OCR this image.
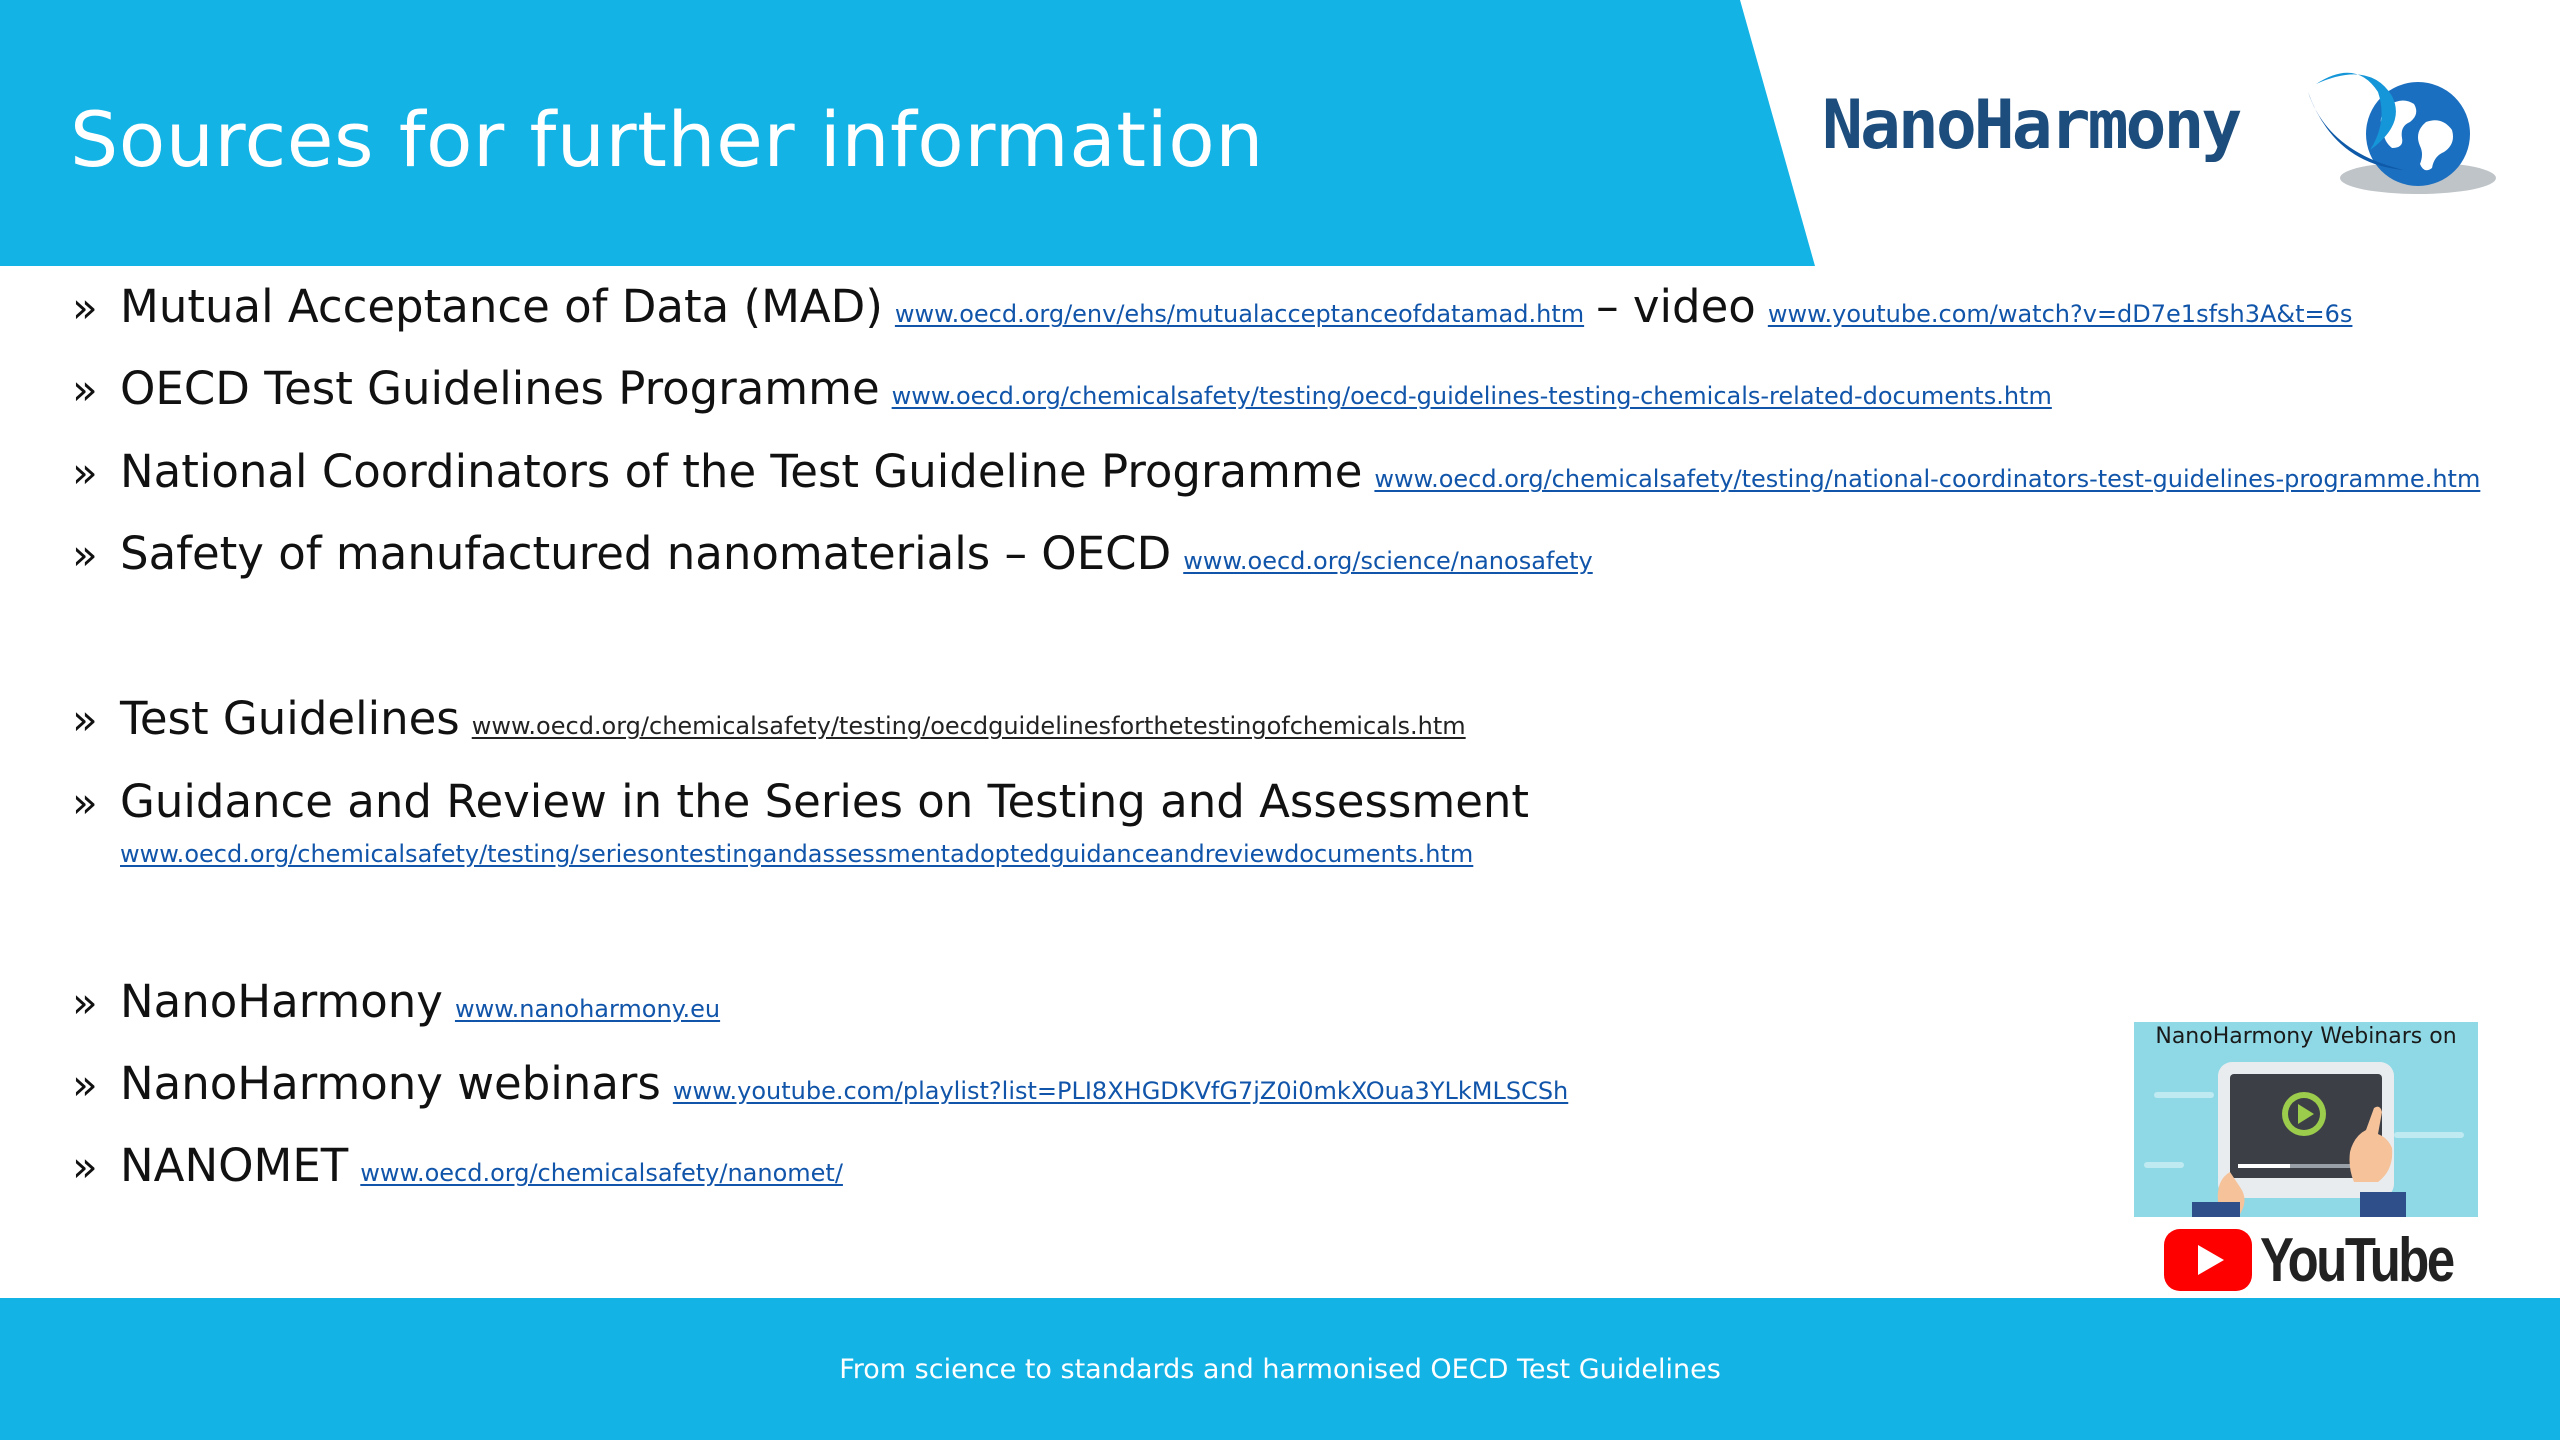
Sources for further information	NanoHarmony
» Mutual Acceptance of Data (MAD) www.oecd.org/env/ehs/mutualacceptanceofdatamad.htm – video www.youtube.com/watch?v=dD7e1sfsh3A&t=6s
» OECD Test Guidelines Programme www.oecd.org/chemicalsafety/testing/oecd-guidelines-testing-chemicals-related-documents.htm
» National Coordinators of the Test Guideline Programme www.oecd.org/chemicalsafety/testing/national-coordinators-test-guidelines-programme.htm
» Safety of manufactured nanomaterials – OECD www.oecd.org/science/nanosafety
» Test Guidelines www.oecd.org/chemicalsafety/testing/oecdguidelinesforthetestingofchemicals.htm
» Guidance and Review in the Series on Testing and Assessment
www.oecd.org/chemicalsafety/testing/seriesontestingandassessmentadoptedguidanceandreviewdocuments.htm
» NanoHarmony www.nanoharmony.eu
» NanoHarmony webinars www.youtube.com/playlist?list=PLI8XHGDKVfG7jZ0i0mkXOua3YLkMLSCSh
» NANOMET www.oecd.org/chemicalsafety/nanomet/
NanoHarmony Webinars on
YouTube
From science to standards and harmonised OECD Test Guidelines
